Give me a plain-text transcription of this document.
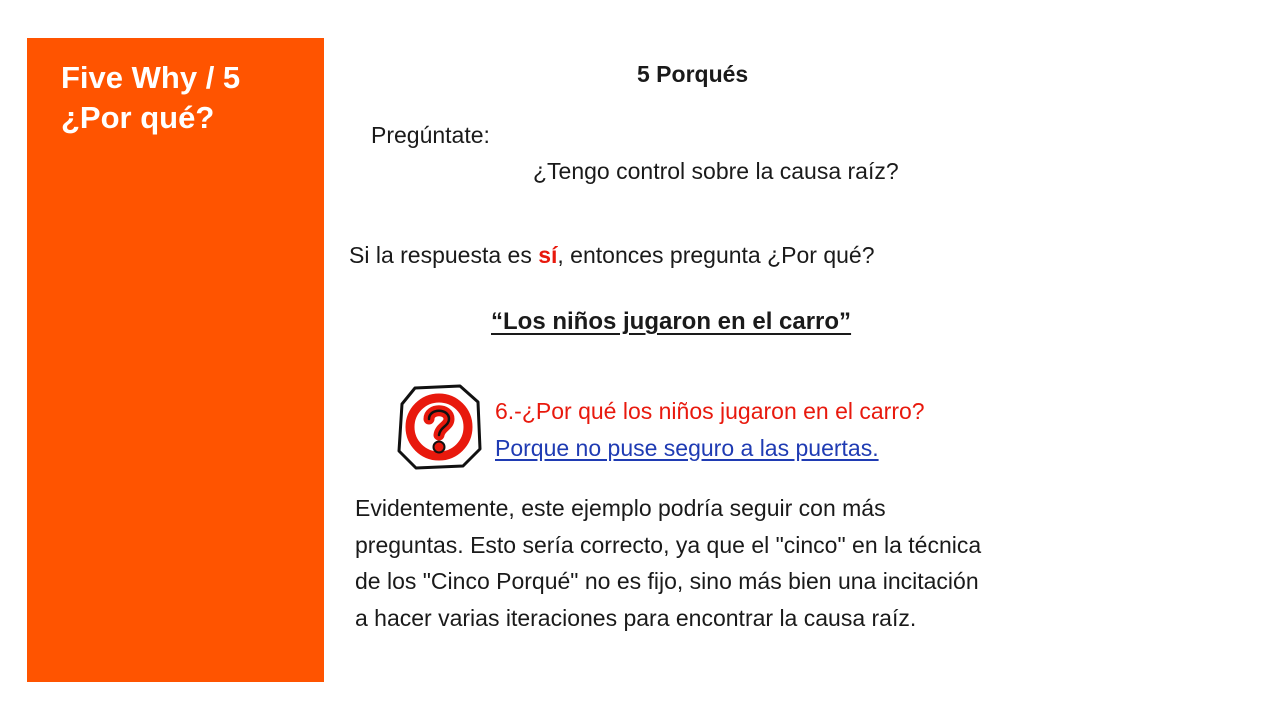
Five Why / 5
¿Por qué?

5 Porqués

Pregúntate:

¿Tengo control sobre la causa raíz?

Si la respuesta es sí, entonces pregunta ¿Por qué?

“Los niños jugaron en el carro”

6.-¿Por qué los niños jugaron en el carro?

Porque no puse seguro a las puertas.

Evidentemente, este ejemplo podría seguir con más
preguntas. Esto sería correcto, ya que el "cinco" en la técnica
de los "Cinco Porqué" no es fijo, sino más bien una incitación
a hacer varias iteraciones para encontrar la causa raíz.
